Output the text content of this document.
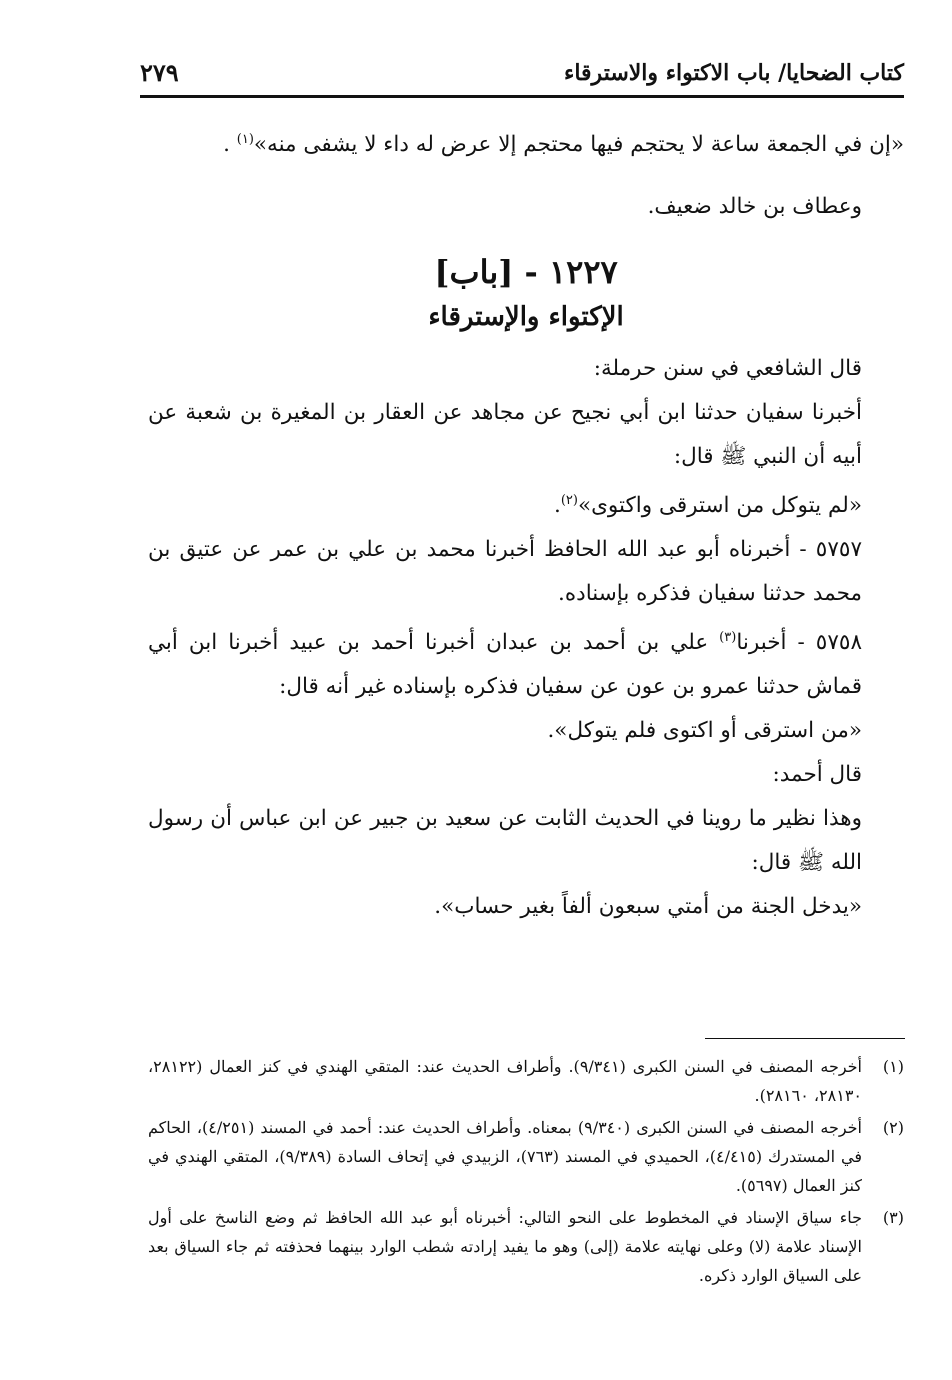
كتاب الضحايا/ باب الاكتواء والاسترقاء
٢٧٩

«إن في الجمعة ساعة لا يحتجم فيها محتجم إلا عرض له داء لا يشفى منه»$^{(١)}$ .

وعطاف بن خالد ضعيف.

١٢٢٧ - [باب]
الإكتواء والإسترقاء

قال الشافعي في سنن حرملة:

أخبرنا سفيان حدثنا ابن أبي نجيح عن مجاهد عن العقار بن المغيرة بن شعبة عن أبيه أن النبي ﷺ قال:

«لم يتوكل من استرقى واكتوى»$^{(٢)}$.

٥٧٥٧ - أخبرناه أبو عبد الله الحافظ أخبرنا محمد بن علي بن عمر عن عتيق بن محمد حدثنا سفيان فذكره بإسناده.

٥٧٥٨ - أخبرنا$^{(٣)}$ علي بن أحمد بن عبدان أخبرنا أحمد بن عبيد أخبرنا ابن أبي قماش حدثنا عمرو بن عون عن سفيان فذكره بإسناده غير أنه قال:

«من استرقى أو اكتوى فلم يتوكل».

قال أحمد:

وهذا نظير ما روينا في الحديث الثابت عن سعيد بن جبير عن ابن عباس أن رسول الله ﷺ قال:

«يدخل الجنة من أمتي سبعون ألفاً بغير حساب».

(١)
أخرجه المصنف في السنن الكبرى (٩/٣٤١). وأطراف الحديث عند: المتقي الهندي في كنز العمال (٢٨١٢٢، ٢٨١٣٠، ٢٨١٦٠).
(٢)
أخرجه المصنف في السنن الكبرى (٩/٣٤٠) بمعناه. وأطراف الحديث عند: أحمد في المسند (٤/٢٥١)، الحاكم في المستدرك (٤/٤١٥)، الحميدي في المسند (٧٦٣)، الزبيدي في إتحاف السادة (٩/٣٨٩)، المتقي الهندي في كنز العمال (٥٦٩٧).
(٣)
جاء سياق الإسناد في المخطوط على النحو التالي: أخبرناه أبو عبد الله الحافظ ثم وضع الناسخ على أول الإسناد علامة (لا) وعلى نهايته علامة (إلى) وهو ما يفيد إرادته شطب الوارد بينهما فحذفته ثم جاء السياق بعد على السياق الوارد ذكره.
